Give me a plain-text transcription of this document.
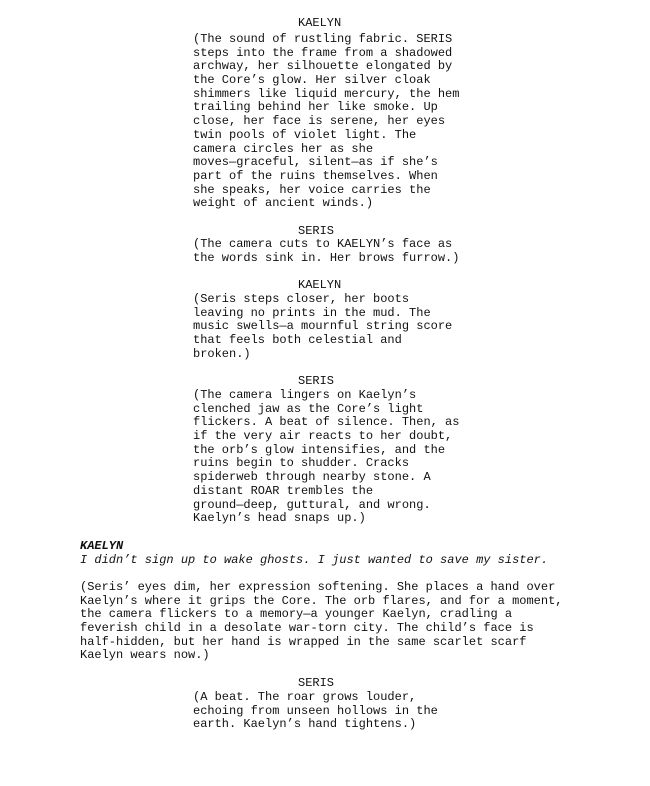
KAELYN
(The sound of rustling fabric. SERIS
steps into the frame from a shadowed
archway, her silhouette elongated by
the Core’s glow. Her silver cloak
shimmers like liquid mercury, the hem
trailing behind her like smoke. Up
close, her face is serene, her eyes
twin pools of violet light. The
camera circles her as she
moves—graceful, silent—as if she’s
part of the ruins themselves. When
she speaks, her voice carries the
weight of ancient winds.)
SERIS
(The camera cuts to KAELYN’s face as
the words sink in. Her brows furrow.)
KAELYN
(Seris steps closer, her boots
leaving no prints in the mud. The
music swells—a mournful string score
that feels both celestial and
broken.)
SERIS
(The camera lingers on Kaelyn’s
clenched jaw as the Core’s light
flickers. A beat of silence. Then, as
if the very air reacts to her doubt,
the orb’s glow intensifies, and the
ruins begin to shudder. Cracks
spiderweb through nearby stone. A
distant ROAR trembles the
ground—deep, guttural, and wrong.
Kaelyn’s head snaps up.)
KAELYN
I didn’t sign up to wake ghosts. I just wanted to save my sister.
(Seris’ eyes dim, her expression softening. She places a hand over
Kaelyn’s where it grips the Core. The orb flares, and for a moment,
the camera flickers to a memory—a younger Kaelyn, cradling a
feverish child in a desolate war-torn city. The child’s face is
half-hidden, but her hand is wrapped in the same scarlet scarf
Kaelyn wears now.)
SERIS
(A beat. The roar grows louder,
echoing from unseen hollows in the
earth. Kaelyn’s hand tightens.)
